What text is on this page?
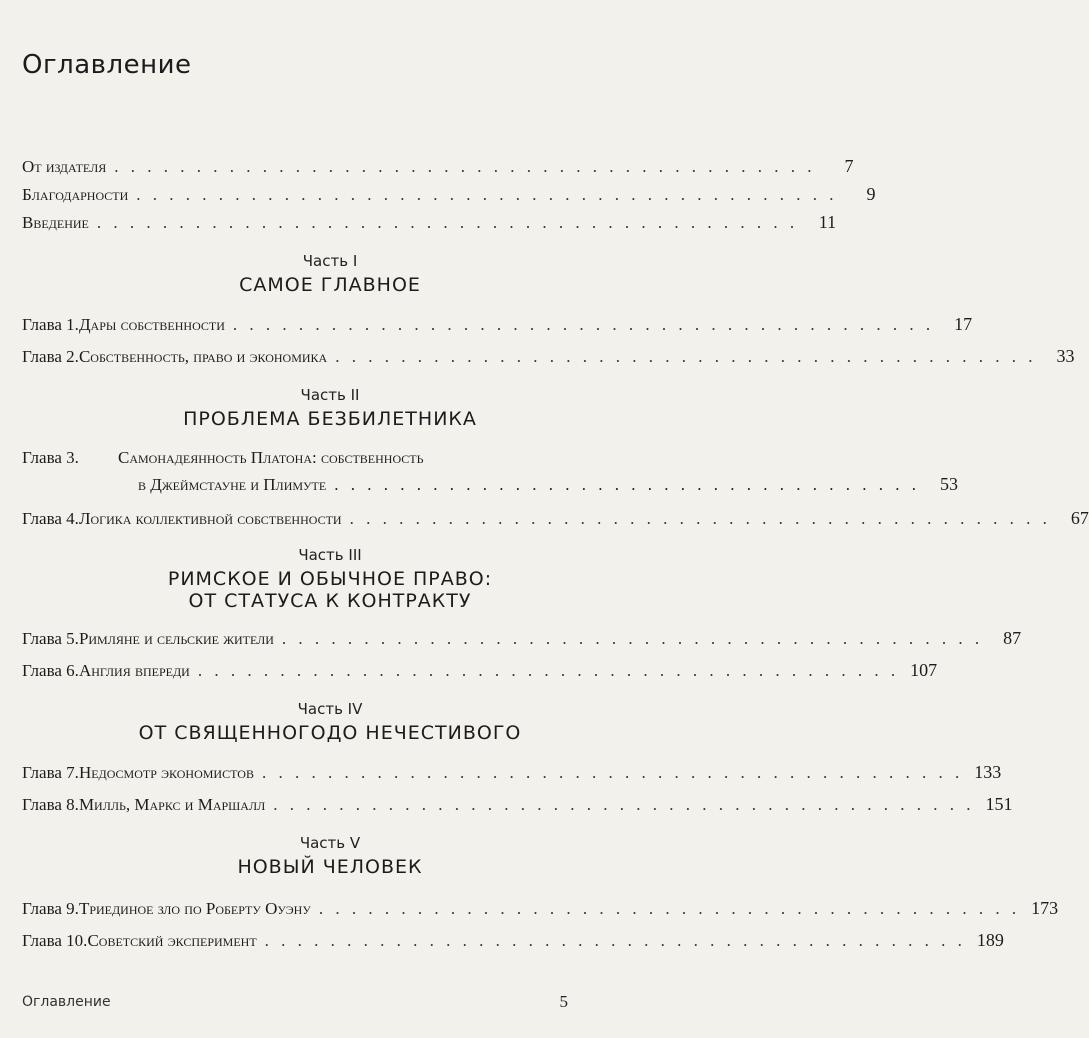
Оглавление
От издателя . . . . . . . . . . . . . . . . . . . . . . . . . . . . . . . . . . . . . . . . . . .	7
Благодарности . . . . . . . . . . . . . . . . . . . . . . . . . . . . . . . . . . . . . . . . . . .	9
Введение . . . . . . . . . . . . . . . . . . . . . . . . . . . . . . . . . . . . . . . . . . .	11
Часть I
САМОЕ ГЛАВНОЕ
Глава 1. Дары собственности . . . . . . . . . . . . . . . . . . . . . . . . . . . . . . . . . . . . . . . . . . .	17
Глава 2. Собственность, право и экономика . . . . . . . . . . . . . . . . . . . . . . . . . . . . . . . . . . . . . . . . . . .	33
Часть II
ПРОБЛЕМА БЕЗБИЛЕТНИКА
Глава 3. Самонадеянность Платона: собственность
в Джеймстауне и Плимуте . . . . . . . . . . . . . . . . . . . . . . . . . . . . . . . . . . . .	53
Глава 4. Логика коллективной собственности . . . . . . . . . . . . . . . . . . . . . . . . . . . . . . . . . . . . . . . . . . .	67
Часть III
РИМСКОЕ И ОБЫЧНОЕ ПРАВО:
ОТ СТАТУСА К КОНТРАКТУ
Глава 5. Римляне и сельские жители . . . . . . . . . . . . . . . . . . . . . . . . . . . . . . . . . . . . . . . . . . .	87
Глава 6. Англия впереди . . . . . . . . . . . . . . . . . . . . . . . . . . . . . . . . . . . . . . . . . . . 107
Часть IV
ОТ СВЯЩЕННОГОДО НЕЧЕСТИВОГО
Глава 7. Недосмотр экономистов . . . . . . . . . . . . . . . . . . . . . . . . . . . . . . . . . . . . . . . . . . . 133
Глава 8. Милль, Маркс и Маршалл . . . . . . . . . . . . . . . . . . . . . . . . . . . . . . . . . . . . . . . . . . . 151
Часть V
НОВЫЙ ЧЕЛОВЕК
Глава 9. Триединое зло по Роберту Оуэну . . . . . . . . . . . . . . . . . . . . . . . . . . . . . . . . . . . . . . . . . . . 173
Глава 10. Советский эксперимент . . . . . . . . . . . . . . . . . . . . . . . . . . . . . . . . . . . . . . . . . . . 189
Оглавление	5
